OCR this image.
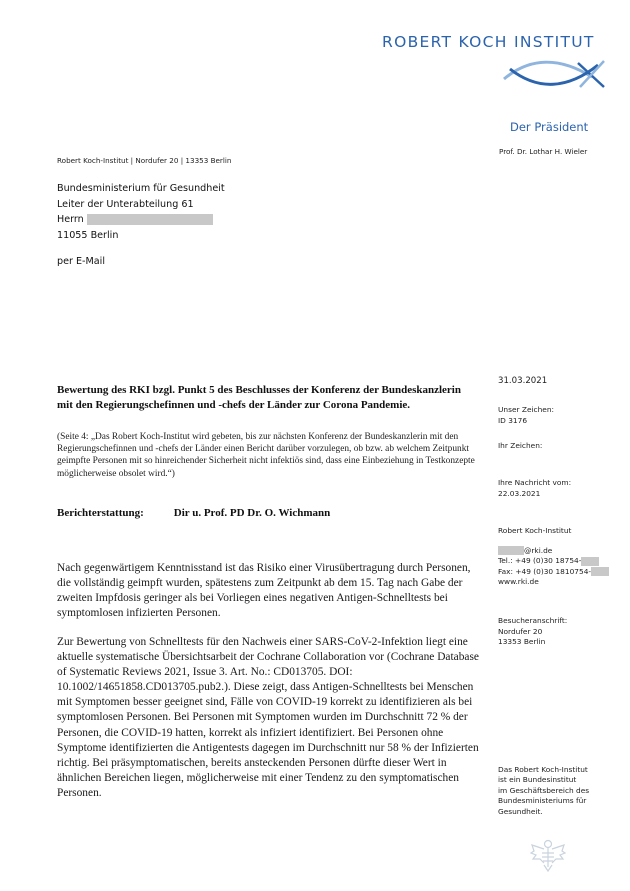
ROBERT KOCH INSTITUT
Der Präsident
Prof. Dr. Lothar H. Wieler
Robert Koch-Institut | Nordufer 20 | 13353 Berlin
Bundesministerium für Gesundheit
Leiter der Unterabteilung 61
Herrn
11055 Berlin
per E-Mail
31.03.2021
Unser Zeichen:
ID 3176
Ihr Zeichen:
Ihre Nachricht vom:
22.03.2021
Robert Koch-Institut
@rki.de
Tel.: +49 (0)30 18754-
Fax: +49 (0)30 1810754-
www.rki.de
Besucheranschrift:
Nordufer 20
13353 Berlin
Das Robert Koch-Institut
ist ein Bundesinstitut
im Geschäftsbereich des
Bundesministeriums für
Gesundheit.
Bewertung des RKI bzgl. Punkt 5 des Beschlusses der Konferenz der Bundeskanzlerin mit den Regierungschefinnen und -chefs der Länder zur Corona Pandemie.
(Seite 4: „Das Robert Koch-Institut wird gebeten, bis zur nächsten Konferenz der Bundeskanzlerin mit den Regierungschefinnen und -chefs der Länder einen Bericht darüber vorzulegen, ob bzw. ab welchem Zeitpunkt geimpfte Personen mit so hinreichender Sicherheit nicht infektiös sind, dass eine Einbeziehung in Testkonzepte möglicherweise obsolet wird.“)
Berichterstattung:	Dir u. Prof. PD Dr. O. Wichmann
Nach gegenwärtigem Kenntnisstand ist das Risiko einer Virusübertragung durch Personen, die vollständig geimpft wurden, spätestens zum Zeitpunkt ab dem 15. Tag nach Gabe der zweiten Impfdosis geringer als bei Vorliegen eines negativen Antigen-Schnelltests bei symptomlosen infizierten Personen.
Zur Bewertung von Schnelltests für den Nachweis einer SARS-CoV-2-Infektion liegt eine aktuelle systematische Übersichtsarbeit der Cochrane Collaboration vor (Cochrane Database of Systematic Reviews 2021, Issue 3. Art. No.: CD013705. DOI: 10.1002/14651858.CD013705.pub2.). Diese zeigt, dass Antigen-Schnelltests bei Menschen mit Symptomen besser geeignet sind, Fälle von COVID-19 korrekt zu identifizieren als bei symptomlosen Personen. Bei Personen mit Symptomen wurden im Durchschnitt 72 % der Personen, die COVID-19 hatten, korrekt als infiziert identifiziert. Bei Personen ohne Symptome identifizierten die Antigentests dagegen im Durchschnitt nur 58 % der Infizierten richtig. Bei präsymptomatischen, bereits ansteckenden Personen dürfte dieser Wert in ähnlichen Bereichen liegen, möglicherweise mit einer Tendenz zu den symptomatischen Personen.
